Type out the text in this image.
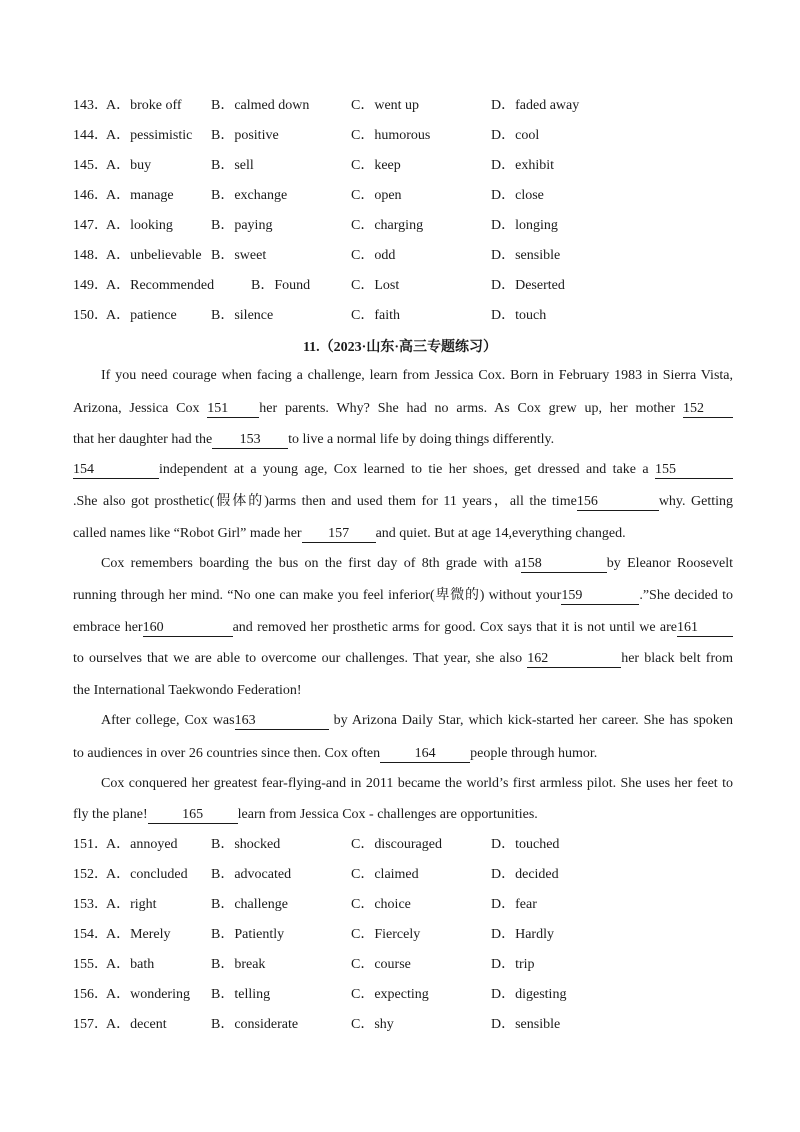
143．
A．broke off B．calmed down	C．went up	D．faded away
144．
A．pessimistic B．positive	C．humorous	D．cool
145．
A．buy	B．sell	C．keep	D．exhibit
146．
A．manage	B．exchange	C．open	D．close
147．
A．looking	B．paying	C．charging	D．longing
148．
A．unbelievable B．sweet	C．odd	D．sensible
149．
A．Recommended	B．Found	C．Lost	D．Deserted
150．
A．patience B．silence	C．faith	D．touch
11.（2023·山东·高三专题练习）
If you need courage when facing a challenge, learn from Jessica Cox. Born in February 1983 in Sierra Vista,
Arizona, Jessica Cox 151 her parents. Why? She had no arms. As Cox grew up, her mother 152
that her daughter had the 153 to live a normal life by doing things differently.
154	independent at a young age, Cox learned to tie her shoes, get dressed and take a 155
.She also got prosthetic(假体的)arms then and used them for 11 years，all the time156	why. Getting
called names like “Robot Girl” made her 157 and quiet. But at age 14,everything changed.
Cox remembers boarding the bus on the first day of 8th grade with a158	by Eleanor Roosevelt
running through her mind. “No one can make you feel inferior(卑微的) without your159	.”She decided to
embrace her160	and removed her prosthetic arms for good. Cox says that it is not until we are161
to ourselves that we are able to overcome our challenges. That year, she also 162	her black belt from
the International Taekwondo Federation!
After college, Cox was163	by Arizona Daily Star, which kick-started her career. She has spoken
to audiences in over 26 countries since then. Cox often 164 people through humor.
Cox conquered her greatest fear-flying-and in 2011 became the world’s first armless pilot. She uses her feet to
fly the plane! 165 learn from Jessica Cox - challenges are opportunities.
151．
A．annoyed B．shocked	C．discouraged	D．touched
152．
A．concluded B．advocated	C．claimed	D．decided
153．
A．right	B．challenge	C．choice	D．fear
154．
A．Merely	B．Patiently	C．Fiercely	D．Hardly
155．
A．bath	B．break	C．course	D．trip
156．
A．wondering B．telling	C．expecting	D．digesting
157．
A．decent	B．considerate	C．shy	D．sensible
